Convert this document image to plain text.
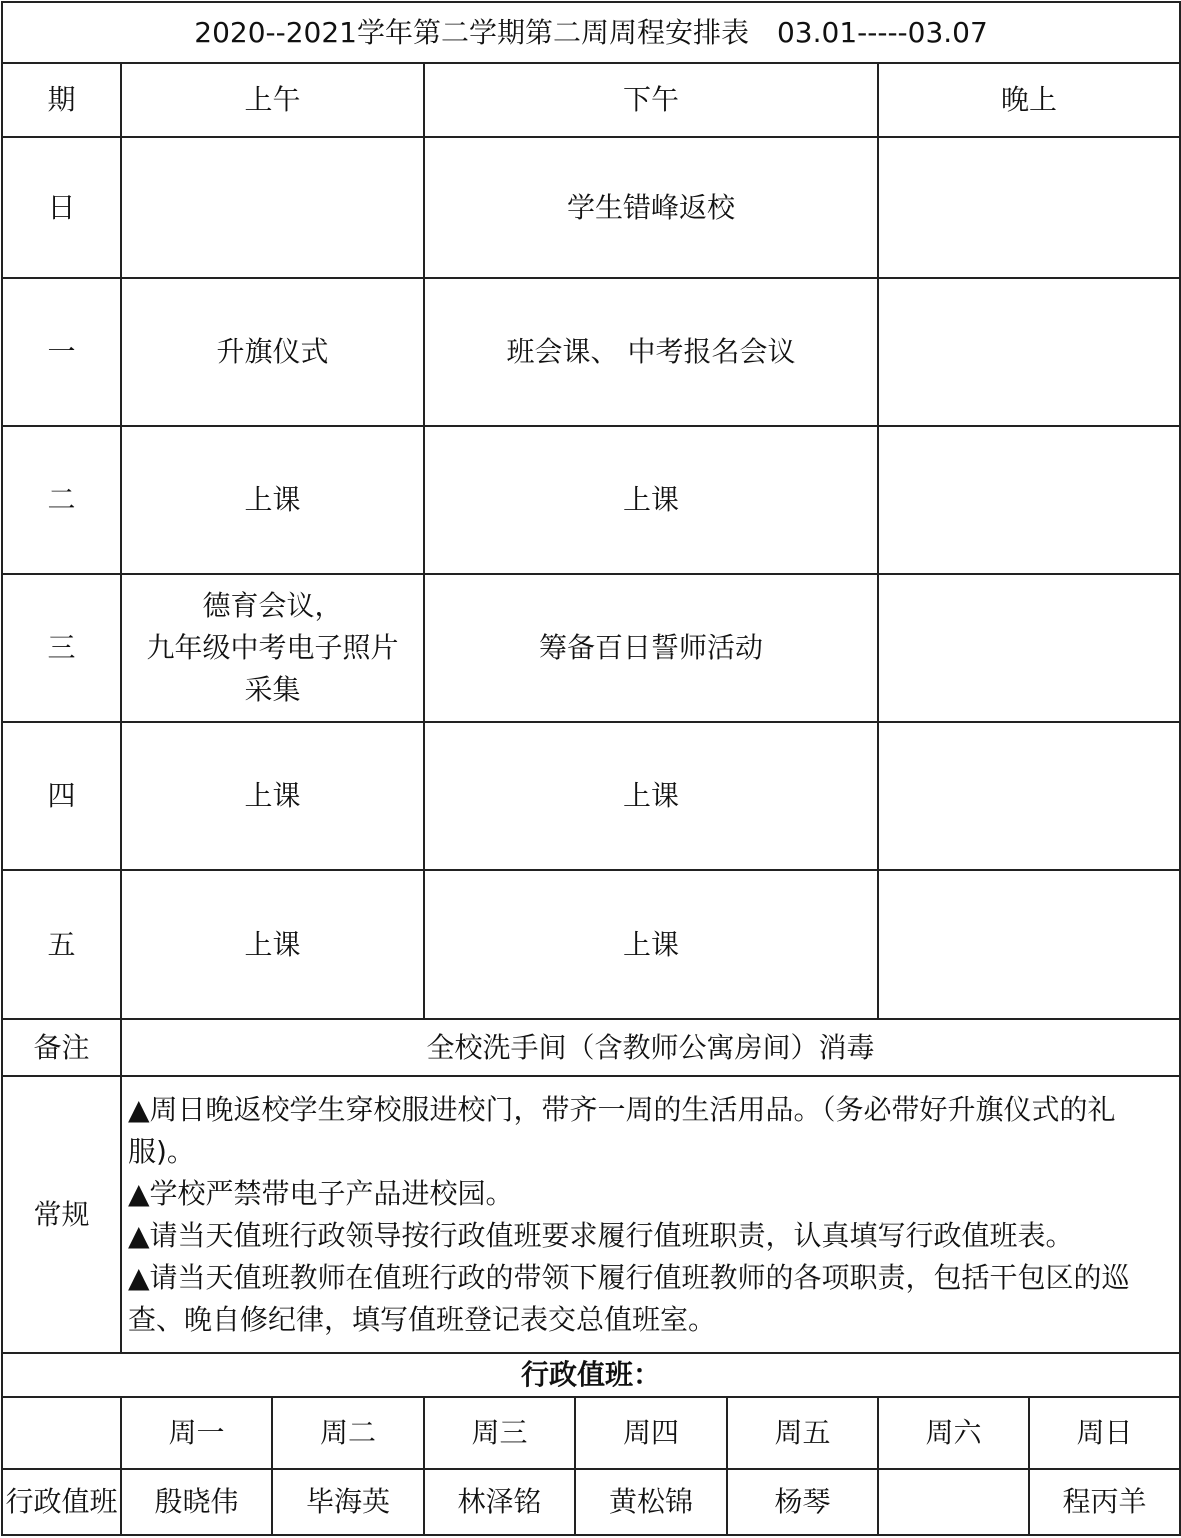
2020--2021学年第二学期第二周周程安排表　03.01-----03.07							
期	上午		下午			晚上	
日			学生错峰返校				
一	升旗仪式		班会课、 中考报名会议				
二	上课		上课				
三	德育会议，
九年级中考电子照片
采集		筹备百日誓师活动				
四	上课		上课				
五	上课		上课				
备注	全校洗手间（含教师公寓房间）消毒						
常规	▲周日晚返校学生穿校服进校门，带齐一周的生活用品。（务必带好升旗仪式的礼服)。
▲学校严禁带电子产品进校园。
▲请当天值班行政领导按行政值班要求履行值班职责，认真填写行政值班表。
▲请当天值班教师在值班行政的带领下履行值班教师的各项职责，包括干包区的巡查、晚自修纪律，填写值班登记表交总值班室。						

行政值班：							
	周一	周二	周三	周四	周五	周六	周日
行政值班	殷晓伟	毕海英	林泽铭	黄松锦	杨琴		程丙羊
